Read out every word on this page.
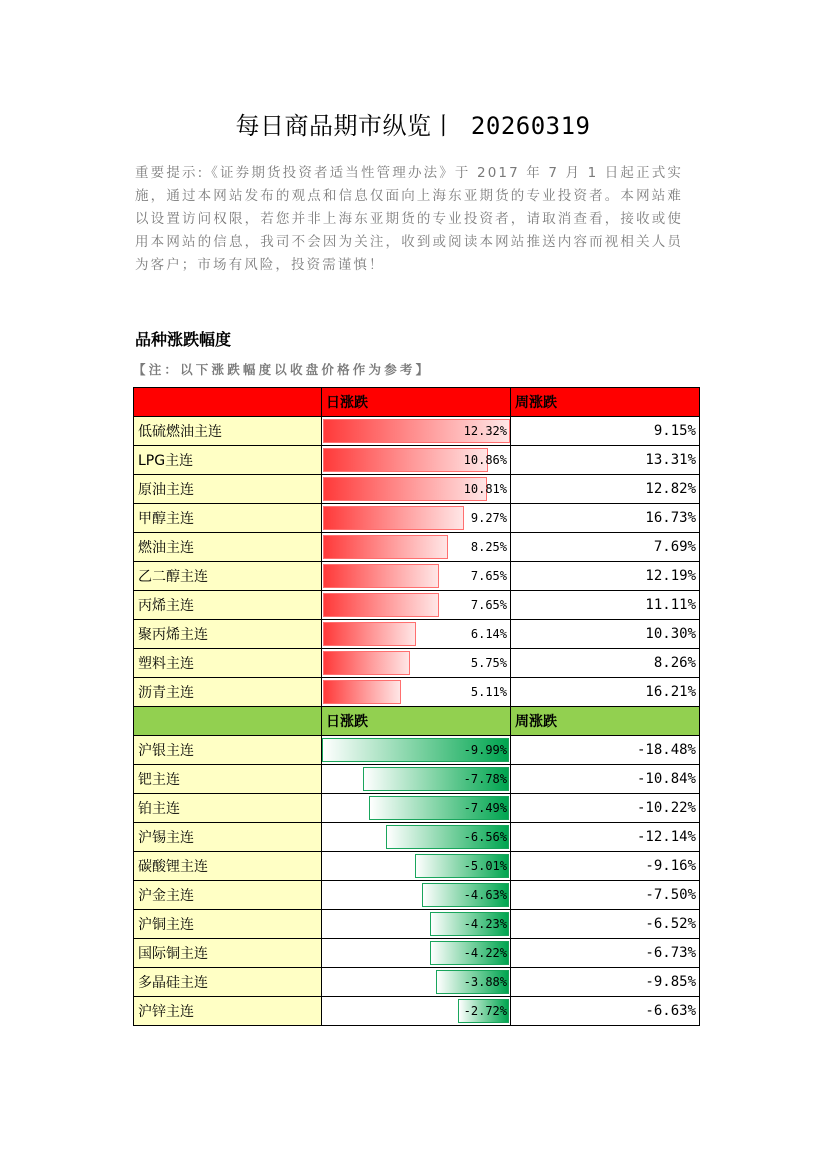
每日商品期市纵览丨 20260319
重要提示:《证券期货投资者适当性管理办法》于 2017 年 7 月 1 日起正式实施，通过本网站发布的观点和信息仅面向上海东亚期货的专业投资者。本网站难以设置访问权限，若您并非上海东亚期货的专业投资者，请取消查看，接收或使用本网站的信息，我司不会因为关注，收到或阅读本网站推送内容而视相关人员为客户；市场有风险，投资需谨慎！
品种涨跌幅度
【注：以下涨跌幅度以收盘价格作为参考】
	日涨跌	周涨跌
低硫燃油主连	12.32%	9.15%
LPG主连	10.86%	13.31%
原油主连	10.81%	12.82%
甲醇主连	9.27%	16.73%
燃油主连	8.25%	7.69%
乙二醇主连	7.65%	12.19%
丙烯主连	7.65%	11.11%
聚丙烯主连	6.14%	10.30%
塑料主连	5.75%	8.26%
沥青主连	5.11%	16.21%
	日涨跌	周涨跌
沪银主连	-9.99%	-18.48%
钯主连	-7.78%	-10.84%
铂主连	-7.49%	-10.22%
沪锡主连	-6.56%	-12.14%
碳酸锂主连	-5.01%	-9.16%
沪金主连	-4.63%	-7.50%
沪铜主连	-4.23%	-6.52%
国际铜主连	-4.22%	-6.73%
多晶硅主连	-3.88%	-9.85%
沪锌主连	-2.72%	-6.63%
